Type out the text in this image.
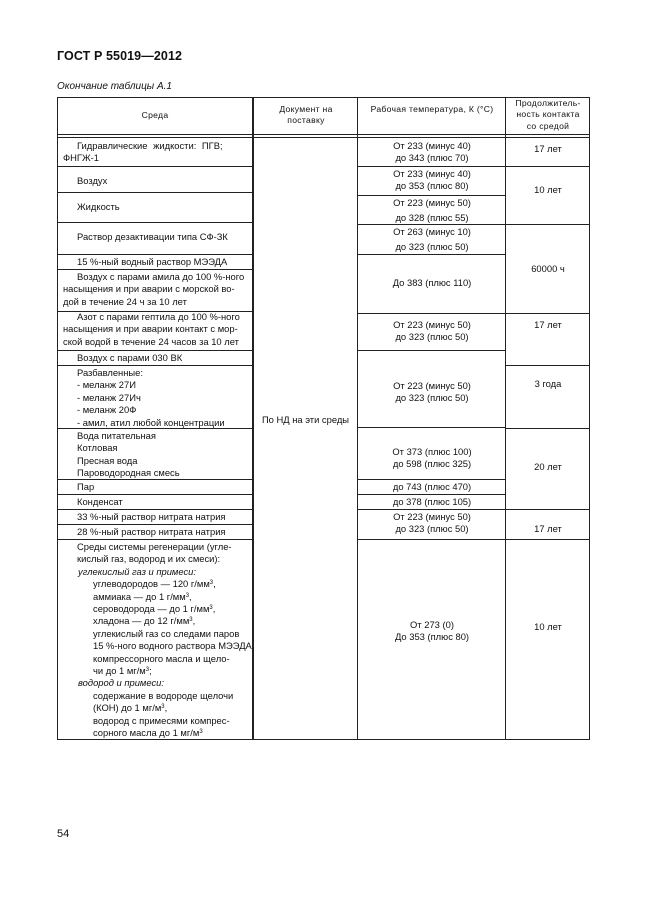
ГОСТ Р 55019—2012
Окончание таблицы А.1
Среда
Документ на поставку
Рабочая температура, К (°С)
Продолжитель-
ность контакта
со средой
По НД на эти среды
Гидравлические жидкости: ПГВ;
ФНГЖ-1
Воздух
Жидкость
Раствор дезактивации типа СФ-ЗК
15 %-ный водный раствор МЭЭДА
Воздух с парами амила до 100 %-ного
насыщения и при аварии с морской во-
дой в течение 24 ч за 10 лет
Азот с парами гептила до 100 %-ного
насыщения и при аварии контакт с мор-
ской водой в течение 24 часов за 10 лет
Воздух с парами 030 ВК
Разбавленные:
- меланж 27И
- меланж 27Ич
- меланж 20Ф
- амил, атил любой концентрации
Вода питательная
Котловая
Пресная вода
Пароводородная смесь
Пар
Конденсат
33 %-ный раствор нитрата натрия
28 %-ный раствор нитрата натрия
Среды системы регенерации (угле-
кислый газ, водород и их смеси):
углекислый газ и примеси:
углеводородов — 120 $г/мм^3$,
аммиака — до 1 $г/мм^3$,
сероводорода — до 1 $г/мм^3$,
хладона — до 12 $г/мм^3$,
углекислый газ со следами паров
15 %-ного водного раствора МЭЭДА,
компрессорного масла и щело-
чи до 1 $мг/м^3$;
водород и примеси:
содержание в водороде щелочи
(КОН) до 1 $мг/м^3$,
водород с примесями компрес-
сорного масла до 1 $мг/м^3$
От 233 (минус 40)
до 343 (плюс 70)
От 233 (минус 40)
до 353 (плюс 80)
От 223 (минус 50)
до 328 (плюс 55)
От 263 (минус 10)
до 323 (плюс 50)
До 383 (плюс 110)
От 223 (минус 50)
до 323 (плюс 50)
От 223 (минус 50)
до 323 (плюс 50)
От 373 (плюс 100)
до 598 (плюс 325)
до 743 (плюс 470)
до 378 (плюс 105)
От 223 (минус 50)
до 323 (плюс 50)
От 273 (0)
До 353 (плюс 80)
17 лет
10 лет
60000 ч
17 лет
3 года
20 лет
17 лет
10 лет
54
